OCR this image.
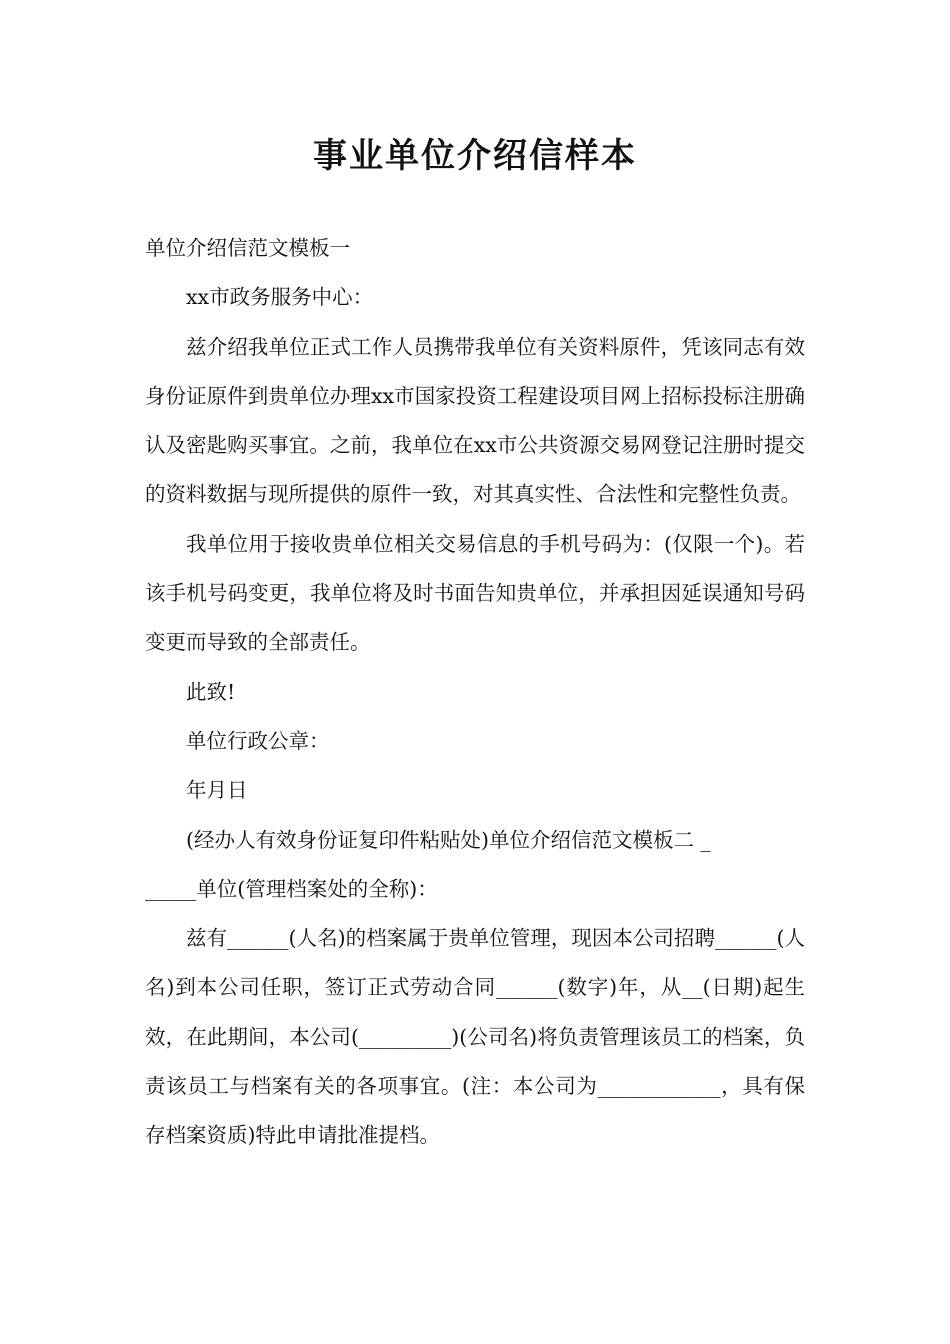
事业单位介绍信样本

单位介绍信范文模板一

xx市政务服务中心：

兹介绍我单位正式工作人员携带我单位有关资料原件，凭该同志有效身份证原件到贵单位办理xx市国家投资工程建设项目网上招标投标注册确认及密匙购买事宜。之前，我单位在xx市公共资源交易网登记注册时提交的资料数据与现所提供的原件一致，对其真实性、合法性和完整性负责。

我单位用于接收贵单位相关交易信息的手机号码为：(仅限一个)。若该手机号码变更，我单位将及时书面告知贵单位，并承担因延误通知号码变更而导致的全部责任。

此致!

单位行政公章：

年月日

(经办人有效身份证复印件粘贴处)单位介绍信范文模板二 _

_____单位(管理档案处的全称)：

兹有______(人名)的档案属于贵单位管理，现因本公司招聘______(人名)到本公司任职，签订正式劳动合同______(数字)年，从__(日期)起生效，在此期间，本公司(_________)(公司名)将负责管理该员工的档案，负责该员工与档案有关的各项事宜。(注：本公司为____________，具有保存档案资质)特此申请批准提档。
